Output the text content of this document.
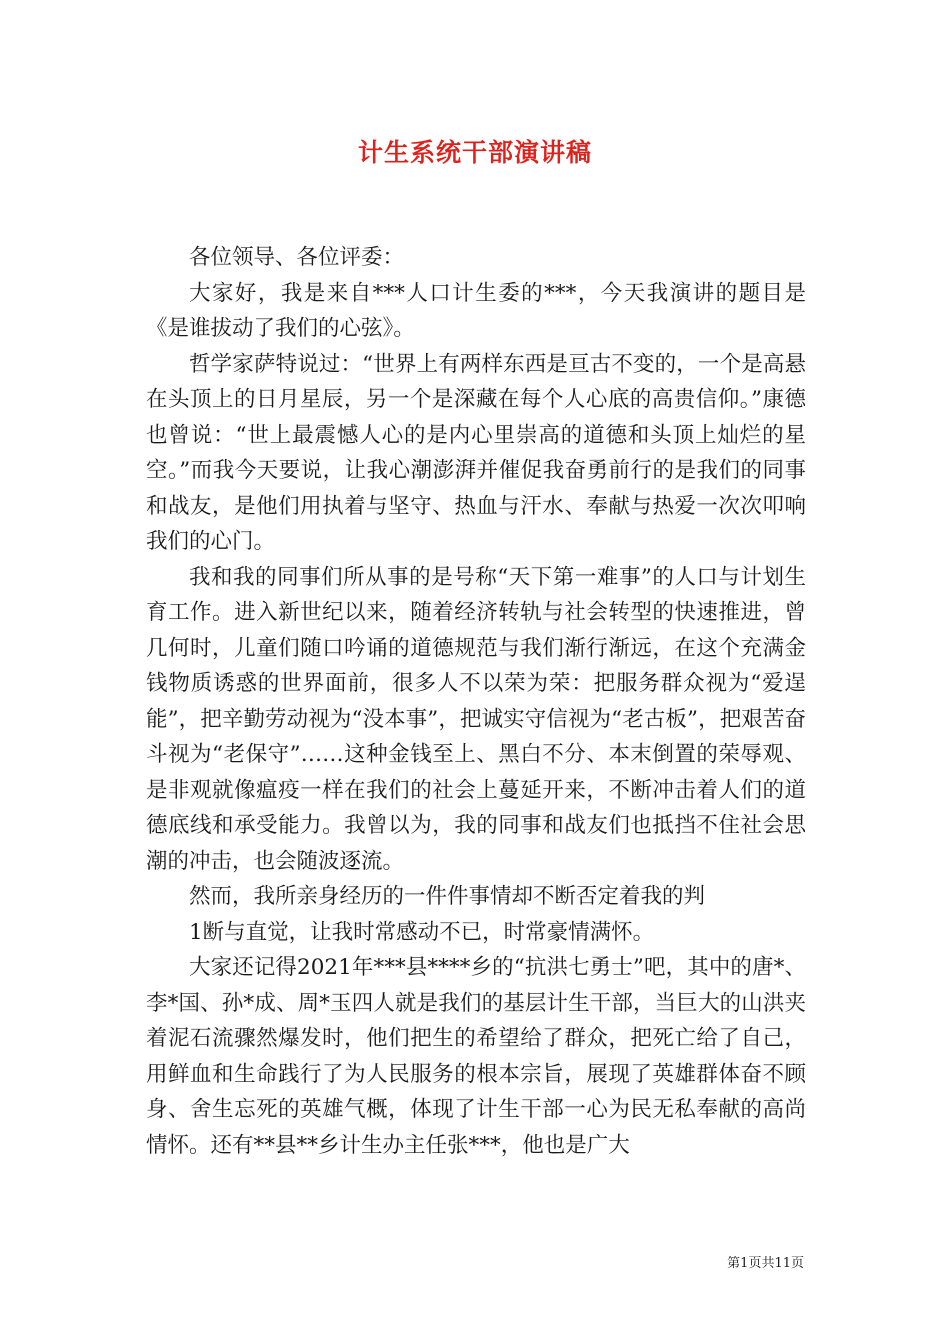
计生系统干部演讲稿

各位领导、各位评委：

大家好，我是来自***人口计生委的***，今天我演讲的题目是《是谁拔动了我们的心弦》。

哲学家萨特说过：“世界上有两样东西是亘古不变的，一个是高悬在头顶上的日月星辰，另一个是深藏在每个人心底的高贵信仰。”康德也曾说：“世上最震憾人心的是内心里崇高的道德和头顶上灿烂的星空。”而我今天要说，让我心潮澎湃并催促我奋勇前行的是我们的同事和战友，是他们用执着与坚守、热血与汗水、奉献与热爱一次次叩响我们的心门。

我和我的同事们所从事的是号称“天下第一难事”的人口与计划生育工作。进入新世纪以来，随着经济转轨与社会转型的快速推进，曾几何时，儿童们随口吟诵的道德规范与我们渐行渐远，在这个充满金钱物质诱惑的世界面前，很多人不以荣为荣：把服务群众视为“爱逞能”，把辛勤劳动视为“没本事”，把诚实守信视为“老古板”，把艰苦奋斗视为“老保守”……这种金钱至上、黑白不分、本末倒置的荣辱观、是非观就像瘟疫一样在我们的社会上蔓延开来，不断冲击着人们的道德底线和承受能力。我曾以为，我的同事和战友们也抵挡不住社会思潮的冲击，也会随波逐流。

然而，我所亲身经历的一件件事情却不断否定着我的判

1断与直觉，让我时常感动不已，时常豪情满怀。

大家还记得2021年***县****乡的“抗洪七勇士”吧，其中的唐*、李*国、孙*成、周*玉四人就是我们的基层计生干部，当巨大的山洪夹着泥石流骤然爆发时，他们把生的希望给了群众，把死亡给了自己，用鲜血和生命践行了为人民服务的根本宗旨，展现了英雄群体奋不顾身、舍生忘死的英雄气概，体现了计生干部一心为民无私奉献的高尚情怀。还有**县**乡计生办主任张***，他也是广大

第1页共11页
